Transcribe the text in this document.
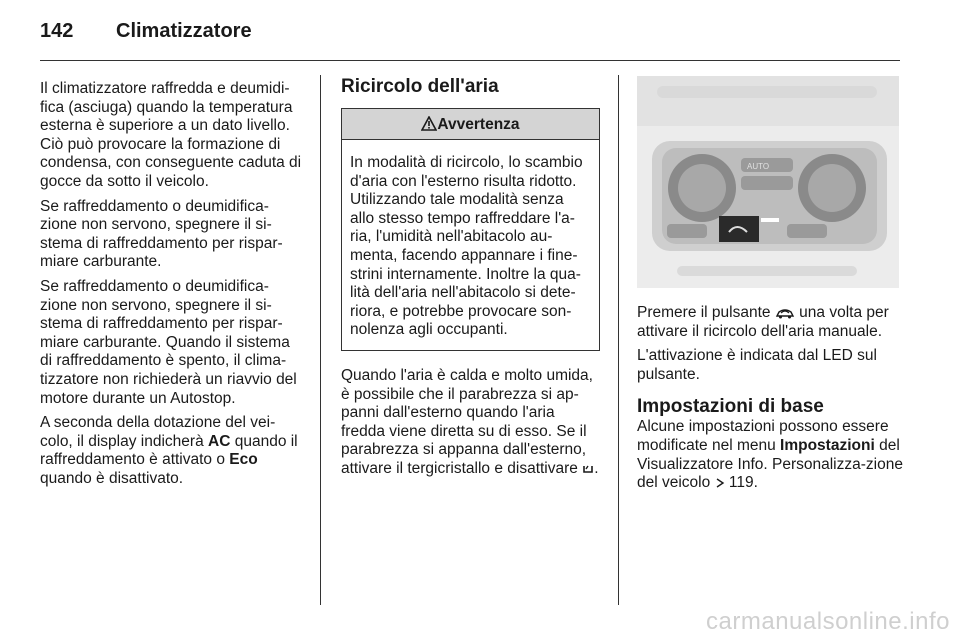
142	Climatizzatore

Il climatizzatore raffredda e deumidi-fica (asciuga) quando la temperatura esterna è superiore a un dato livello. Ciò può provocare la formazione di condensa, con conseguente caduta di gocce da sotto il veicolo.

Se raffreddamento o deumidifica-zione non servono, spegnere il si-stema di raffreddamento per rispar-miare carburante.

Se raffreddamento o deumidifica-zione non servono, spegnere il si-stema di raffreddamento per rispar-miare carburante. Quando il sistema di raffreddamento è spento, il clima-tizzatore non richiederà un riavvio del motore durante un Autostop.

A seconda della dotazione del vei-colo, il display indicherà AC quando il raffreddamento è attivato o Eco quando è disattivato.

Ricircolo dell'aria
Avvertenza
In modalità di ricircolo, lo scambio d'aria con l'esterno risulta ridotto. Utilizzando tale modalità senza allo stesso tempo raffreddare l'a-ria, l'umidità nell'abitacolo au-menta, facendo appannare i fine-strini internamente. Inoltre la qua-lità dell'aria nell'abitacolo si dete-riora, e potrebbe provocare son-nolenza agli occupanti.

Quando l'aria è calda e molto umida, è possibile che il parabrezza si ap-panni dall'esterno quando l'aria fredda viene diretta su di esso. Se il parabrezza si appanna dall'esterno, attivare il tergicristallo e disattivare .

AUTO

Premere il pulsante  una volta per attivare il ricircolo dell'aria manuale.

L'attivazione è indicata dal LED sul pulsante.

Impostazioni di base

Alcune impostazioni possono essere modificate nel menu Impostazioni del Visualizzatore Info. Personalizza-zione del veicolo  119.

carmanualsonline.info
